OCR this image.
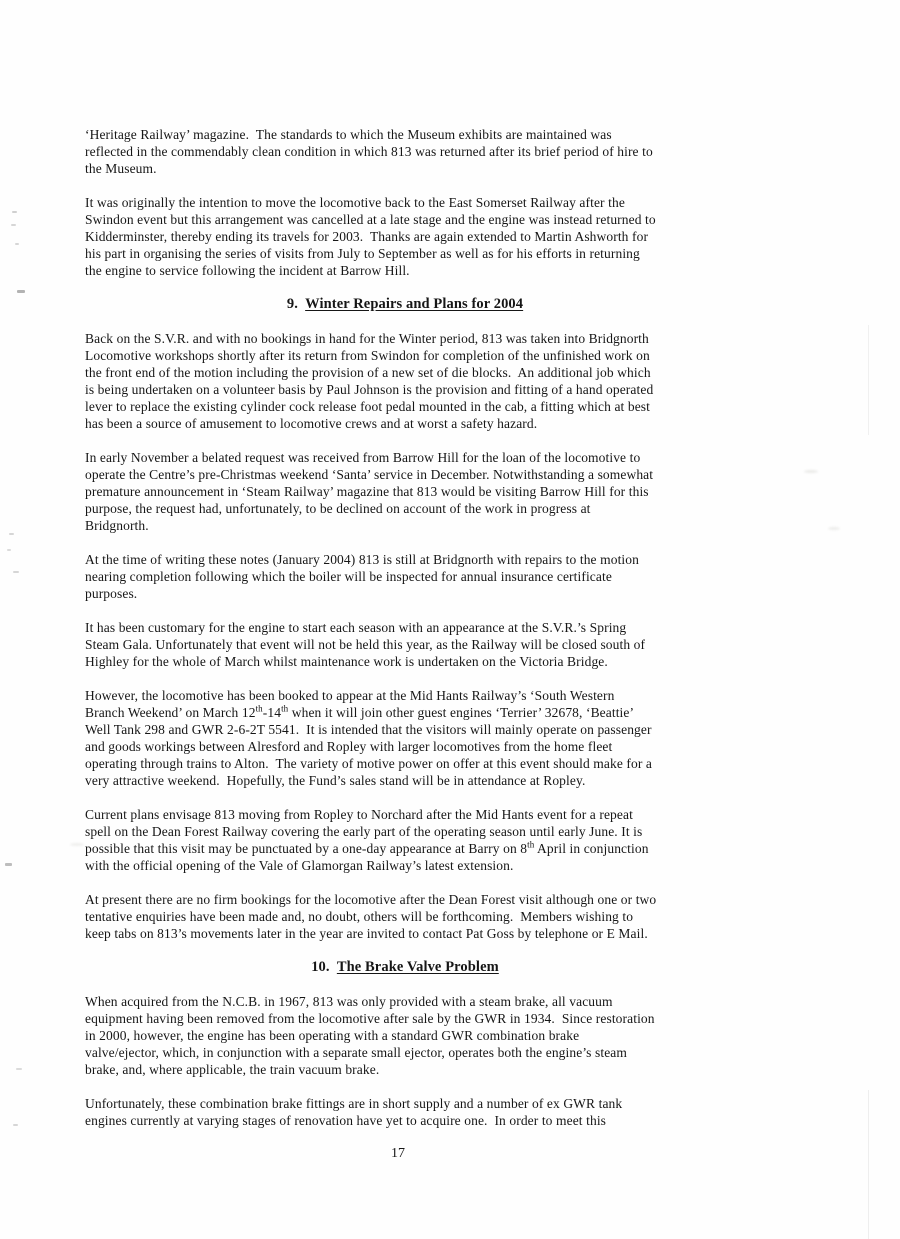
‘Heritage Railway’ magazine.  The standards to which the Museum exhibits are maintained was
reflected in the commendably clean condition in which 813 was returned after its brief period of hire to
the Museum.

It was originally the intention to move the locomotive back to the East Somerset Railway after the
Swindon event but this arrangement was cancelled at a late stage and the engine was instead returned to
Kidderminster, thereby ending its travels for 2003.  Thanks are again extended to Martin Ashworth for
his part in organising the series of visits from July to September as well as for his efforts in returning
the engine to service following the incident at Barrow Hill.

9. Winter Repairs and Plans for 2004

Back on the S.V.R. and with no bookings in hand for the Winter period, 813 was taken into Bridgnorth
Locomotive workshops shortly after its return from Swindon for completion of the unfinished work on
the front end of the motion including the provision of a new set of die blocks.  An additional job which
is being undertaken on a volunteer basis by Paul Johnson is the provision and fitting of a hand operated
lever to replace the existing cylinder cock release foot pedal mounted in the cab, a fitting which at best
has been a source of amusement to locomotive crews and at worst a safety hazard.

In early November a belated request was received from Barrow Hill for the loan of the locomotive to
operate the Centre’s pre-Christmas weekend ‘Santa’ service in December. Notwithstanding a somewhat
premature announcement in ‘Steam Railway’ magazine that 813 would be visiting Barrow Hill for this
purpose, the request had, unfortunately, to be declined on account of the work in progress at
Bridgnorth.

At the time of writing these notes (January 2004) 813 is still at Bridgnorth with repairs to the motion
nearing completion following which the boiler will be inspected for annual insurance certificate
purposes.

It has been customary for the engine to start each season with an appearance at the S.V.R.’s Spring
Steam Gala. Unfortunately that event will not be held this year, as the Railway will be closed south of
Highley for the whole of March whilst maintenance work is undertaken on the Victoria Bridge.

However, the locomotive has been booked to appear at the Mid Hants Railway’s ‘South Western
Branch Weekend’ on March 12th-14th when it will join other guest engines ‘Terrier’ 32678, ‘Beattie’
Well Tank 298 and GWR 2-6-2T 5541.  It is intended that the visitors will mainly operate on passenger
and goods workings between Alresford and Ropley with larger locomotives from the home fleet
operating through trains to Alton.  The variety of motive power on offer at this event should make for a
very attractive weekend.  Hopefully, the Fund’s sales stand will be in attendance at Ropley.

Current plans envisage 813 moving from Ropley to Norchard after the Mid Hants event for a repeat
spell on the Dean Forest Railway covering the early part of the operating season until early June. It is
possible that this visit may be punctuated by a one-day appearance at Barry on 8th April in conjunction
with the official opening of the Vale of Glamorgan Railway’s latest extension.

At present there are no firm bookings for the locomotive after the Dean Forest visit although one or two
tentative enquiries have been made and, no doubt, others will be forthcoming.  Members wishing to
keep tabs on 813’s movements later in the year are invited to contact Pat Goss by telephone or E Mail.

10. The Brake Valve Problem

When acquired from the N.C.B. in 1967, 813 was only provided with a steam brake, all vacuum
equipment having been removed from the locomotive after sale by the GWR in 1934.  Since restoration
in 2000, however, the engine has been operating with a standard GWR combination brake
valve/ejector, which, in conjunction with a separate small ejector, operates both the engine’s steam
brake, and, where applicable, the train vacuum brake.

Unfortunately, these combination brake fittings are in short supply and a number of ex GWR tank
engines currently at varying stages of renovation have yet to acquire one.  In order to meet this

17
